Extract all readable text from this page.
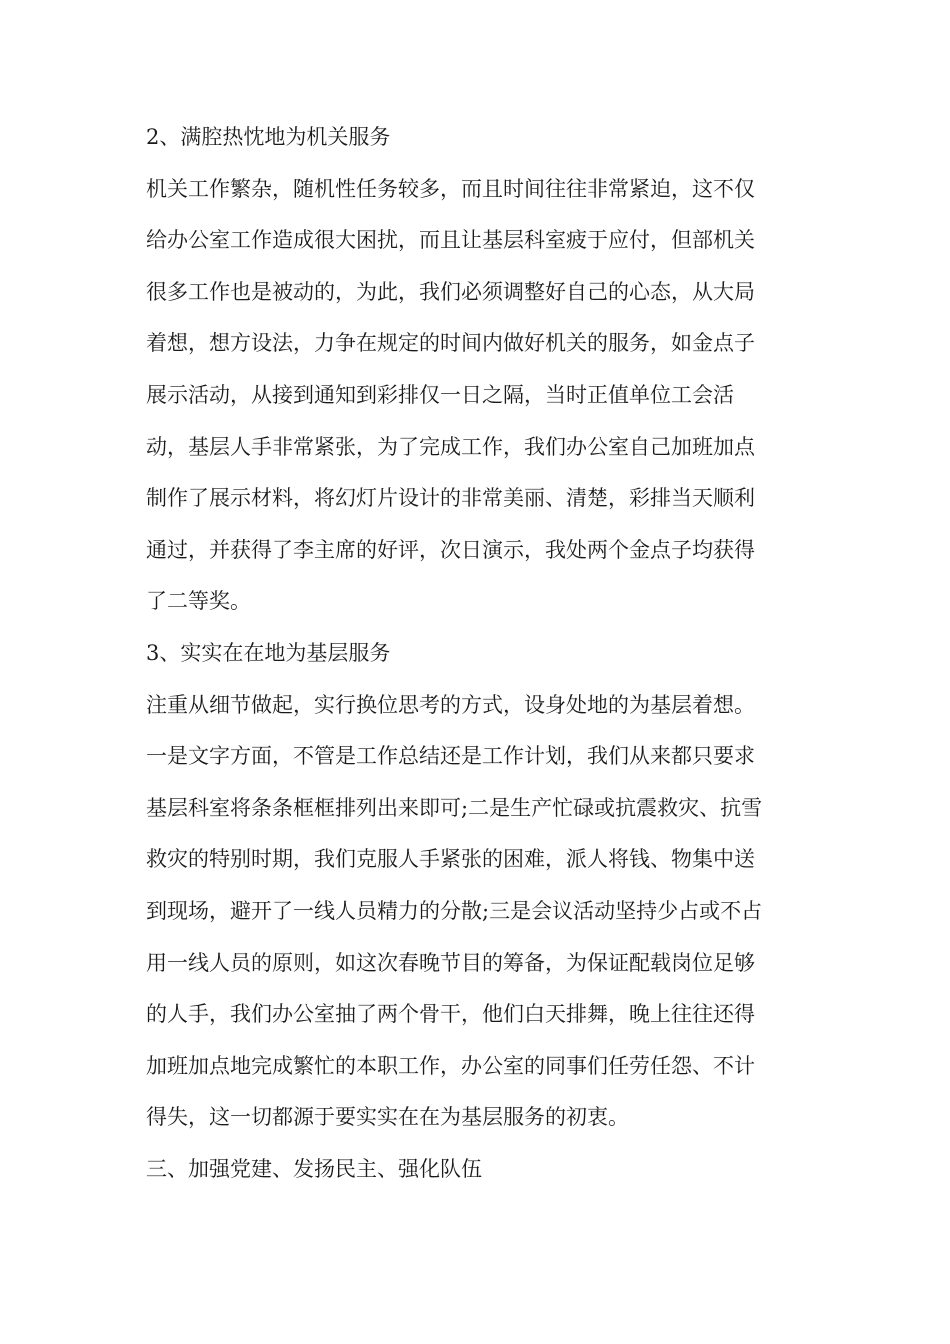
2、满腔热忱地为机关服务
机关工作繁杂，随机性任务较多，而且时间往往非常紧迫，这不仅
给办公室工作造成很大困扰，而且让基层科室疲于应付，但部机关
很多工作也是被动的，为此，我们必须调整好自己的心态，从大局
着想，想方设法，力争在规定的时间内做好机关的服务，如金点子
展示活动，从接到通知到彩排仅一日之隔，当时正值单位工会活
动，基层人手非常紧张，为了完成工作，我们办公室自己加班加点
制作了展示材料，将幻灯片设计的非常美丽、清楚，彩排当天顺利
通过，并获得了李主席的好评，次日演示，我处两个金点子均获得
了二等奖。
3、实实在在地为基层服务
注重从细节做起，实行换位思考的方式，设身处地的为基层着想。
一是文字方面，不管是工作总结还是工作计划，我们从来都只要求
基层科室将条条框框排列出来即可;二是生产忙碌或抗震救灾、抗雪
救灾的特别时期，我们克服人手紧张的困难，派人将钱、物集中送
到现场，避开了一线人员精力的分散;三是会议活动坚持少占或不占
用一线人员的原则，如这次春晚节目的筹备，为保证配载岗位足够
的人手，我们办公室抽了两个骨干，他们白天排舞，晚上往往还得
加班加点地完成繁忙的本职工作，办公室的同事们任劳任怨、不计
得失，这一切都源于要实实在在为基层服务的初衷。
三、加强党建、发扬民主、强化队伍
